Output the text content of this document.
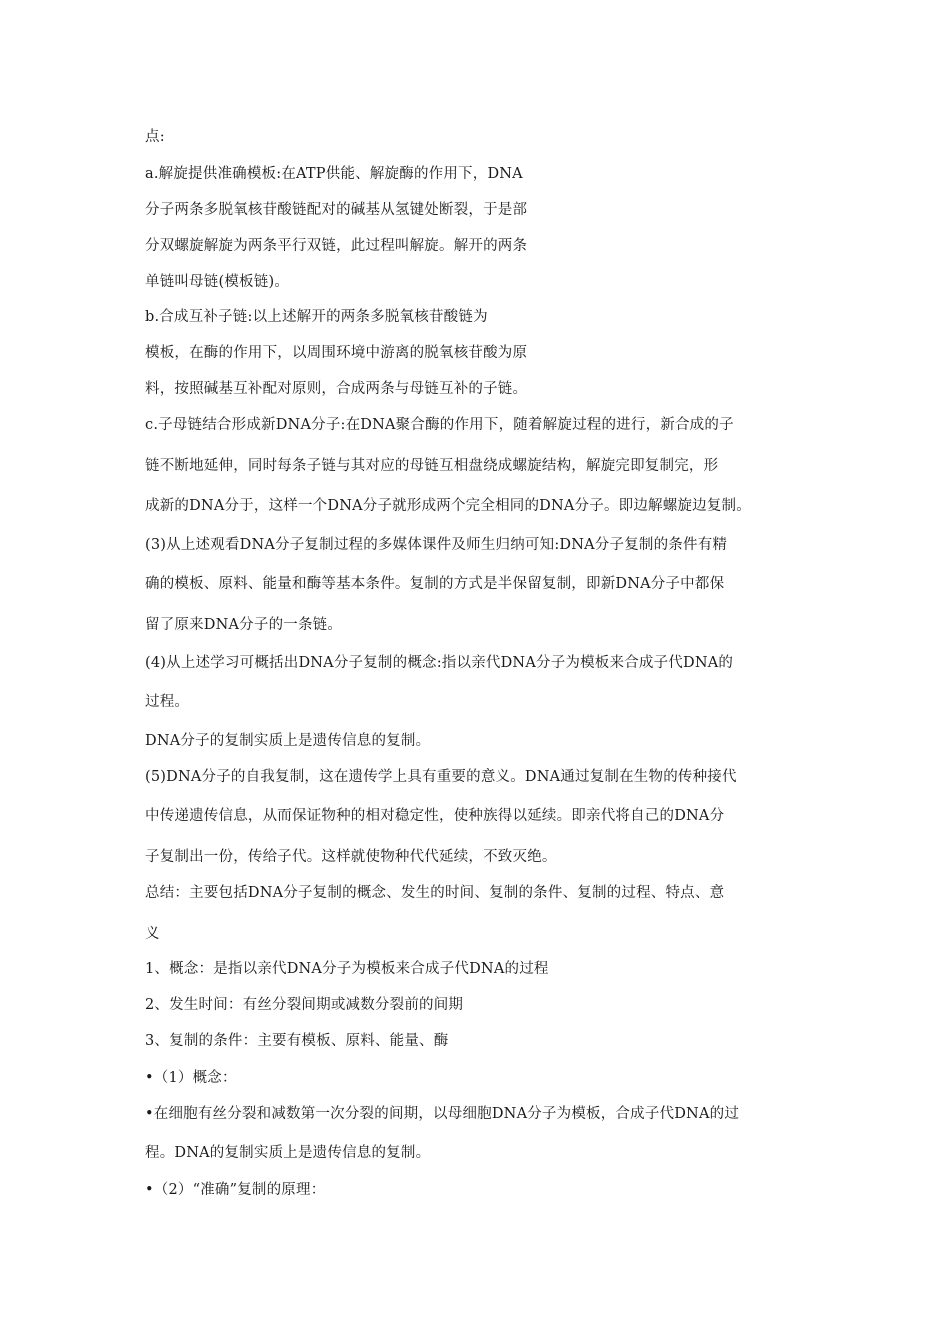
点:
a.解旋提供准确模板:在ATP供能、解旋酶的作用下，DNA
分子两条多脱氧核苷酸链配对的碱基从氢键处断裂，于是部
分双螺旋解旋为两条平行双链，此过程叫解旋。解开的两条
单链叫母链(模板链)。
b.合成互补子链:以上述解开的两条多脱氧核苷酸链为
模板，在酶的作用下，以周围环境中游离的脱氧核苷酸为原
料，按照碱基互补配对原则，合成两条与母链互补的子链。
c.子母链结合形成新DNA分子:在DNA聚合酶的作用下，随着解旋过程的进行，新合成的子
链不断地延伸，同时每条子链与其对应的母链互相盘绕成螺旋结构，解旋完即复制完，形
成新的DNA分于，这样一个DNA分子就形成两个完全相同的DNA分子。即边解螺旋边复制。
(3)从上述观看DNA分子复制过程的多媒体课件及师生归纳可知:DNA分子复制的条件有精
确的模板、原料、能量和酶等基本条件。复制的方式是半保留复制，即新DNA分子中都保
留了原来DNA分子的一条链。
(4)从上述学习可概括出DNA分子复制的概念:指以亲代DNA分子为模板来合成子代DNA的
过程。
DNA分子的复制实质上是遗传信息的复制。
(5)DNA分子的自我复制，这在遗传学上具有重要的意义。DNA通过复制在生物的传种接代
中传递遗传信息，从而保证物种的相对稳定性，使种族得以延续。即亲代将自己的DNA分
子复制出一份，传给子代。这样就使物种代代延续，不致灭绝。
总结：主要包括DNA分子复制的概念、发生的时间、复制的条件、复制的过程、特点、意
义
1、概念：是指以亲代DNA分子为模板来合成子代DNA的过程
2、发生时间：有丝分裂间期或减数分裂前的间期
3、复制的条件：主要有模板、原料、能量、酶
•（1）概念：
•在细胞有丝分裂和减数第一次分裂的间期，以母细胞DNA分子为模板，合成子代DNA的过
程。DNA的复制实质上是遗传信息的复制。
•（2）“准确”复制的原理：
